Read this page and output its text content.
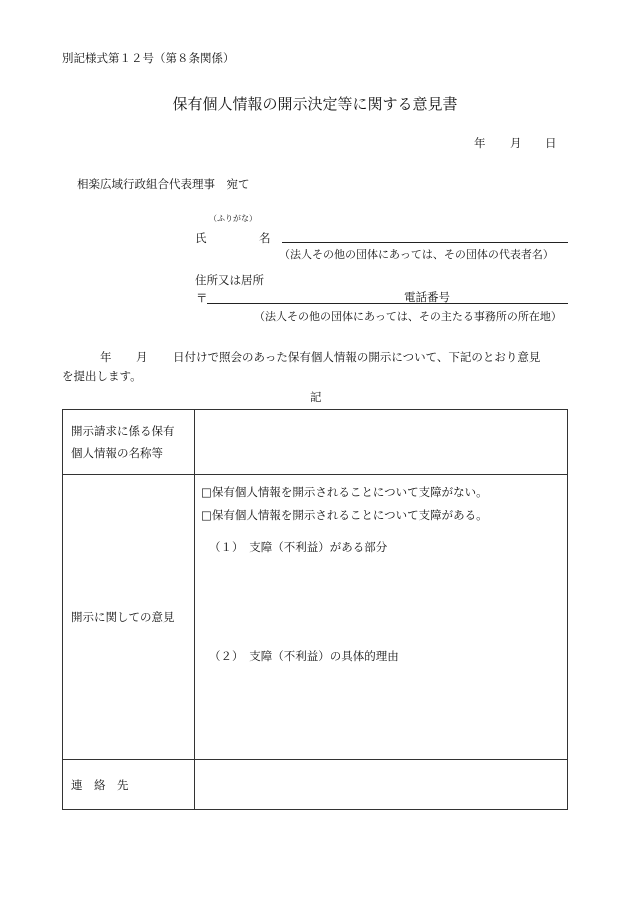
別記様式第１２号（第８条関係）
保有個人情報の開示決定等に関する意見書
年 月 日
相楽広域行政組合代表理事　宛て
（ふりがな）
氏	名
（法人その他の団体にあっては、その団体の代表者名）
住所又は居所
〒	電話番号
（法人その他の団体にあっては、その主たる事務所の所在地）
年 月 日付けで照会のあった保有個人情報の開示について、下記のとおり意見
を提出します。
記
開示請求に係る保有
個人情報の名称等	

開示に関しての意見	□保有個人情報を開示されることについて支障がない。
□保有個人情報を開示されることについて支障がある。
（１）　支障（不利益）がある部分
（２）　支障（不利益）の具体的理由

連　絡　先	
